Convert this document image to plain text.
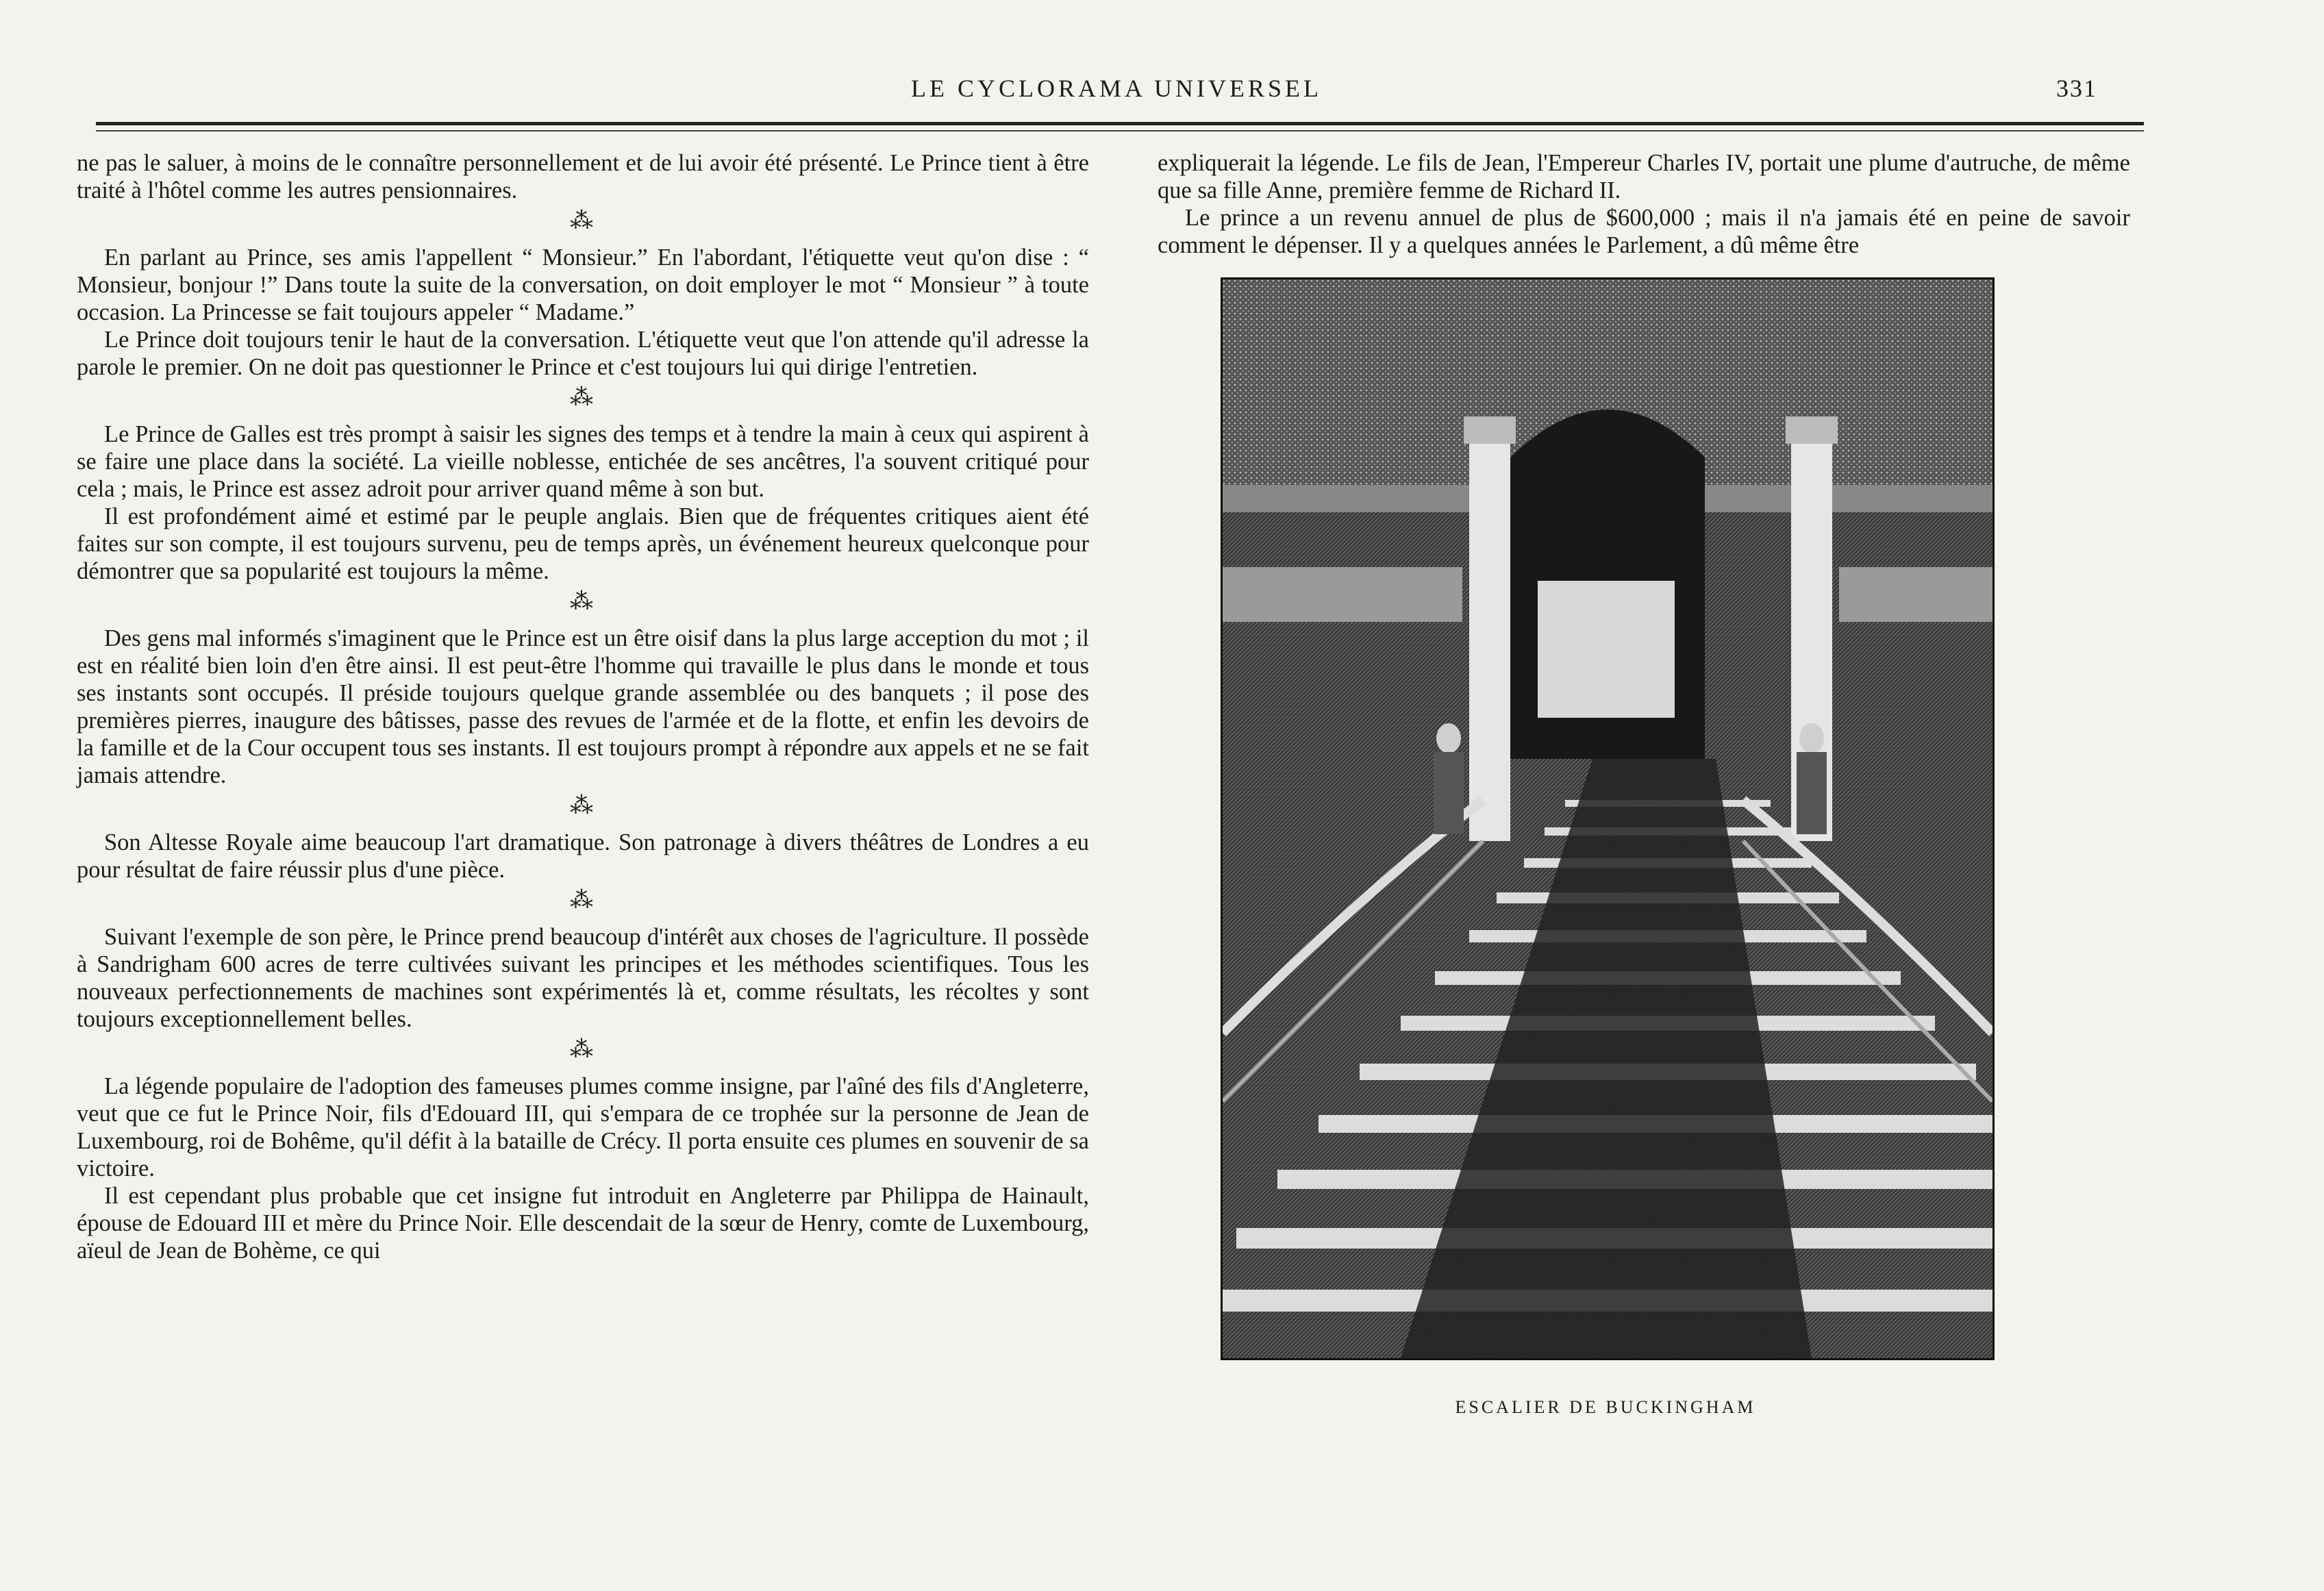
LE CYCLORAMA UNIVERSEL	331

ne pas le saluer, à moins de le connaître personnellement et de lui avoir été présenté. Le Prince tient à être traité à l'hôtel comme les autres pensionnaires.

⁂

En parlant au Prince, ses amis l'appellent “ Monsieur.” En l'abordant, l'étiquette veut qu'on dise : “ Monsieur, bonjour !” Dans toute la suite de la conversation, on doit employer le mot “ Monsieur ” à toute occasion. La Princesse se fait toujours appeler “ Madame.”

Le Prince doit toujours tenir le haut de la conversation. L'étiquette veut que l'on attende qu'il adresse la parole le premier. On ne doit pas questionner le Prince et c'est toujours lui qui dirige l'entretien.

⁂

Le Prince de Galles est très prompt à saisir les signes des temps et à tendre la main à ceux qui aspirent à se faire une place dans la société. La vieille noblesse, entichée de ses ancêtres, l'a souvent critiqué pour cela ; mais, le Prince est assez adroit pour arriver quand même à son but.

Il est profondément aimé et estimé par le peuple anglais. Bien que de fréquentes critiques aient été faites sur son compte, il est toujours survenu, peu de temps après, un événement heureux quelconque pour démontrer que sa popularité est toujours la même.

⁂

Des gens mal informés s'imaginent que le Prince est un être oisif dans la plus large acception du mot ; il est en réalité bien loin d'en être ainsi. Il est peut-être l'homme qui travaille le plus dans le monde et tous ses instants sont occupés. Il préside toujours quelque grande assemblée ou des banquets ; il pose des premières pierres, inaugure des bâtisses, passe des revues de l'armée et de la flotte, et enfin les devoirs de la famille et de la Cour occupent tous ses instants. Il est toujours prompt à répondre aux appels et ne se fait jamais attendre.

⁂

Son Altesse Royale aime beaucoup l'art dramatique. Son patronage à divers théâtres de Londres a eu pour résultat de faire réussir plus d'une pièce.

⁂

Suivant l'exemple de son père, le Prince prend beaucoup d'intérêt aux choses de l'agriculture. Il possède à Sandrigham 600 acres de terre cultivées suivant les principes et les méthodes scientifiques. Tous les nouveaux perfectionnements de machines sont expérimentés là et, comme résultats, les récoltes y sont toujours exceptionnellement belles.

⁂

La légende populaire de l'adoption des fameuses plumes comme insigne, par l'aîné des fils d'Angleterre, veut que ce fut le Prince Noir, fils d'Edouard III, qui s'empara de ce trophée sur la personne de Jean de Luxembourg, roi de Bohême, qu'il défit à la bataille de Crécy. Il porta ensuite ces plumes en souvenir de sa victoire.

Il est cependant plus probable que cet insigne fut introduit en Angleterre par Philippa de Hainault, épouse de Edouard III et mère du Prince Noir. Elle descendait de la sœur de Henry, comte de Luxembourg, aïeul de Jean de Bohème, ce qui

expliquerait la légende. Le fils de Jean, l'Empereur Charles IV, portait une plume d'autruche, de même que sa fille Anne, première femme de Richard II.

Le prince a un revenu annuel de plus de $600,000 ; mais il n'a jamais été en peine de savoir comment le dépenser. Il y a quelques années le Parlement, a dû même être

ESCALIER DE BUCKINGHAM
